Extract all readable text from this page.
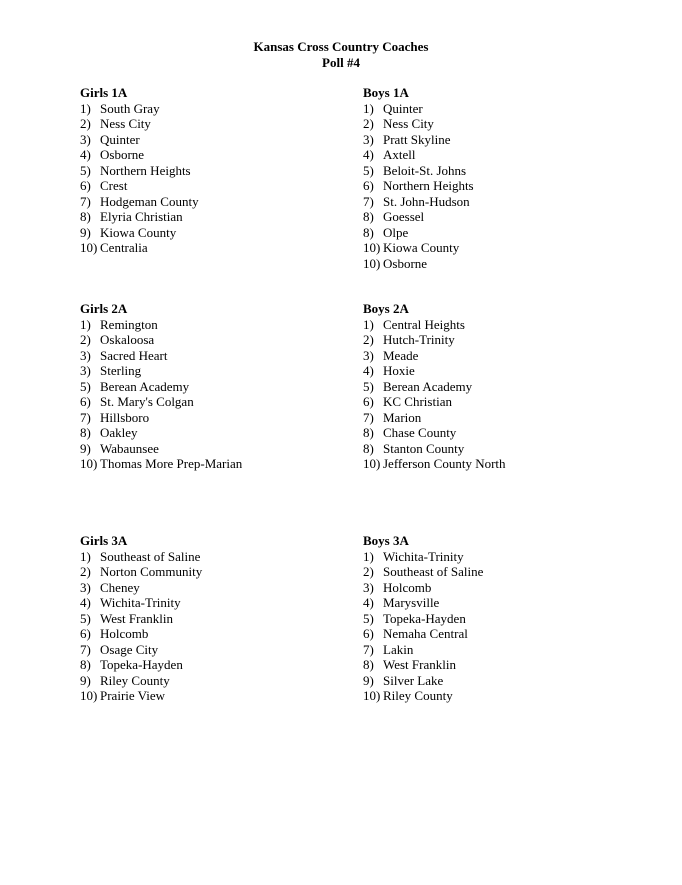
Kansas Cross Country Coaches
Poll #4
Girls 1A
1) South Gray
2) Ness City
3) Quinter
4) Osborne
5) Northern Heights
6) Crest
7) Hodgeman County
8) Elyria Christian
9) Kiowa County
10) Centralia
Boys 1A
1) Quinter
2) Ness City
3) Pratt Skyline
4) Axtell
5) Beloit-St. Johns
6) Northern Heights
7) St. John-Hudson
8) Goessel
8) Olpe
10) Kiowa County
10) Osborne
Girls 2A
1) Remington
2) Oskaloosa
3) Sacred Heart
3) Sterling
5) Berean Academy
6) St. Mary's Colgan
7) Hillsboro
8) Oakley
9) Wabaunsee
10) Thomas More Prep-Marian
Boys 2A
1) Central Heights
2) Hutch-Trinity
3) Meade
4) Hoxie
5) Berean Academy
6) KC Christian
7) Marion
8) Chase County
8) Stanton County
10) Jefferson County North
Girls 3A
1) Southeast of Saline
2) Norton Community
3) Cheney
4) Wichita-Trinity
5) West Franklin
6) Holcomb
7) Osage City
8) Topeka-Hayden
9) Riley County
10) Prairie View
Boys 3A
1) Wichita-Trinity
2) Southeast of Saline
3) Holcomb
4) Marysville
5) Topeka-Hayden
6) Nemaha Central
7) Lakin
8) West Franklin
9) Silver Lake
10) Riley County
